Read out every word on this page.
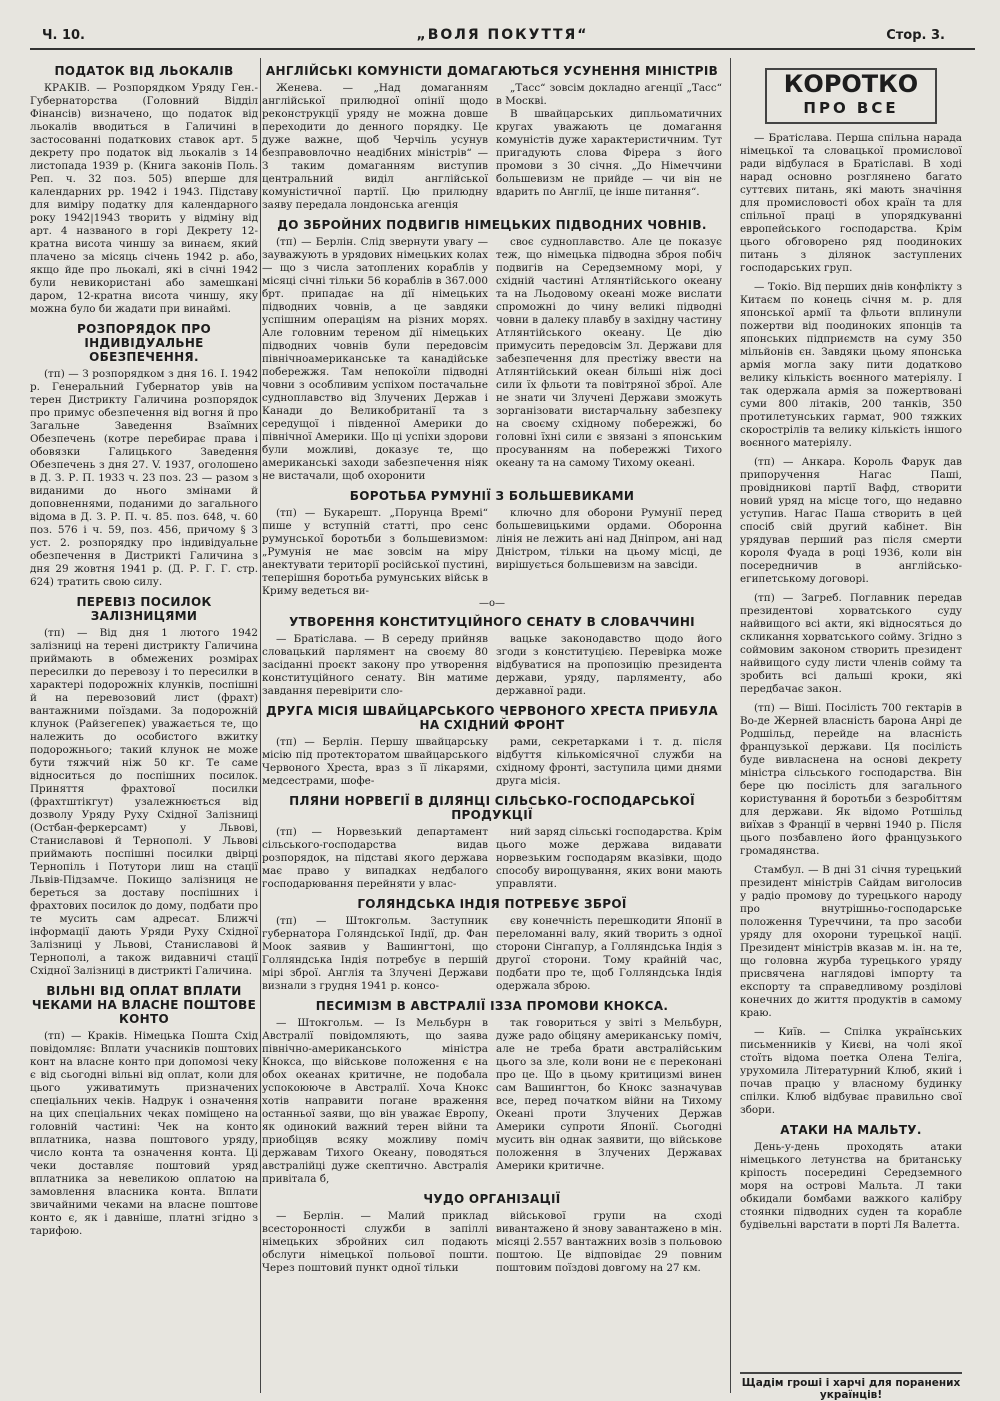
Ч. 10.	„ВОЛЯ ПОКУТТЯ“	Стор. 3.
ПОДАТОК ВІД ЛЬОКАЛІВ

КРАКІВ. — Розпорядком Уряду Ген.-Губернаторства (Головний Відділ Фінансів) визначено, що податок від льокалів вводиться в Галичині в застосованні податкових ставок арт. 5 декрету про податок від льокалів з 14 листопада 1939 р. (Книга законів Поль. Реп. ч. 32 поз. 505) вперше для календарних рр. 1942 і 1943. Підставу для виміру податку для календарного року 1942|1943 творить у відміну від арт. 4 названого в горі Декрету 12-кратна висота чиншу за винаєм, який плачено за місяць січень 1942 р. або, якщо йде про льокалі, які в січні 1942 були невикористані або замешкані даром, 12-кратна висота чиншу, яку можна було би жадати при винаймі.

РОЗПОРЯДОК ПРО ІНДИВІДУАЛЬНЕ ОБЕЗПЕЧЕННЯ.

(тп) — З розпорядком з дня 16. І. 1942 р. Генеральний Губернатор увів на терен Дистрикту Галичина розпорядок про примус обезпечення від вогня й про Загальне Заведення Взаїмних Обезпечень (котре перебирає права і обовязки Галицького Заведення Обезпечень з дня 27. V. 1937, оголошено в Д. З. Р. П. 1933 ч. 23 поз. 23 — разом з виданими до нього змінами й доповненнями, поданими до загального відома в Д. З. Р. П. ч. 85. поз. 648, ч. 60 поз. 576 і ч. 59, поз. 456, причому § 3 уст. 2. розпорядку про індивідуальне обезпечення в Дистрикті Галичина з дня 29 жовтня 1941 р. (Д. Р. Г. Г. стр. 624) тратить свою силу.

ПЕРЕВІЗ ПОСИЛОК ЗАЛІЗНИЦЯМИ

(тп) — Від дня 1 лютого 1942 залізниці на терені дистрикту Галичина приймають в обмежених розмірах пересилки до перевозу і то пересилки в характері подорожніх клунків, поспішні й на перевозовий лист (фрахт) вантажними поїздами. За подорожній клунок (Райзегепек) уважається те, що належить до особистого вжитку подорожнього; такий клунок не може бути тяжчий ніж 50 кг. Те саме відноситься до поспішних посилок. Приняття фрахтової посилки (фрахтштікгут) узалежнюється від дозволу Уряду Руху Східної Залізниці (Остбан-феркерсамт) у Львові, Станиславові й Тернополі. У Львові приймають поспішні посилки двірці Тернопіль і Потутори лиш на стації Львів-Підзамче. Покищо залізниця не береться за доставу поспішних і фрахтових посилок до дому, подбати про те мусить сам адресат. Ближчі інформації дають Уряди Руху Східної Залізниці у Львові, Станиславові й Тернополі, а також видавничі стації Східної Залізниці в дистрикті Галичина.

ВІЛЬНІ ВІД ОПЛАТ ВПЛАТИ ЧЕКАМИ НА ВЛАСНЕ ПОШТОВЕ КОНТО

(тп) — Краків. Німецька Пошта Схід повідомляє: Вплати учасників поштових конт на власне конто при допомозі чеку є від сьогодні вільні від оплат, коли для цього уживатимуть призначених спеціальних чеків. Надрук і означення на цих спеціальних чеках поміщено на головній частині: Чек на конто вплатника, назва поштового уряду, число конта та означення конта. Ці чеки доставляє поштовий уряд вплатника за невеликою оплатою на замовлення власника конта. Вплати звичайними чеками на власне поштове конто є, як і давніше, платні згідно з тарифою.

АНГЛІЙСЬКІ КОМУНІСТИ ДОМАГАЮТЬСЯ УСУНЕННЯ МІНІСТРІВ

Женева. — „Над домаганням англійської прилюдної опінії щодо реконструкції уряду не можна довше переходити до денного порядку. Це дуже важне, щоб Черчіль усунув безправовлочно неадібних міністрів“ — З таким домаганням виступив центральний виділ англійської комуністичної партії. Цю прилюдну заяву передала лондонська агенція

„Тасс“ зовсім докладно агенції „Тасс“ в Москві.

В швайцарських дипльоматичних кругах уважають це домагання комуністів дуже характеристичним. Тут пригадують слова Фірера з його промови з 30 січня. „До Німеччини большевизм не прийде — чи він не вдарить по Англії, це інше питання“.

ДО ЗБРОЙНИХ ПОДВИГІВ НІМЕЦЬКИХ ПІДВОДНИХ ЧОВНІВ.

(тп) — Берлін. Слід звернути увагу — зауважують в урядових німецьких колах — що з числа затоплених кораблів у місяці січні тільки 56 кораблів в 367.000 брт. припадає на дії німецьких підводних човнів, а це завдяки успішним операціям на різних морях. Але головним тереном дії німецьких підводних човнів були передовсім північноамериканське та канадійське побережжя. Там непокоїли підводні човни з особливим успіхом постачальне судноплавство від Злучених Держав і Канади до Великобританії та з середущої і південної Америки до північної Америки. Що ці успіхи здорови були можливі, доказує те, що американські заходи забезпечення ніяк не вистачали, щоб охоронити

своє судноплавство. Але це показує теж, що німецька підводна зброя побіч подвигів на Середземному морі, у східній частині Атлянтійського океану та на Льодовому океані може вислати спроможні до чину великі підводні човни в далеку плавбу в західну частину Атлянтійського океану. Це дію примусить передовсім Зл. Держави для забезпечення для престіжу ввести на Атлянтійський океан більші ніж досі сили їх фльоти та повітряної зброї. Але не знати чи Злучені Держави зможуть зорганізовати вистарчальну забезпеку на своєму східному побережжі, бо головні їхні сили є звязані з японським просуванням на побережжі Тихого океану та на самому Тихому океані.

БОРОТЬБА РУМУНІЇ З БОЛЬШЕВИКАМИ

(тп) — Букарешт. „Порунца Времі“ пише у вступній статті, про сенс румунської боротьби з большевизмом: „Румунія не має зовсім на міру анектувати території російської пустині, теперішня боротьба румунських військ в Криму ведеться ви-

ключно для оборони Румунії перед большевицькими ордами. Оборонна лінія не лежить ані над Дніпром, ані над Дністром, тільки на цьому місці, де вирішується большевизм на завсіди.

—о—
УТВОРЕННЯ КОНСТИТУЦІЙНОГО СЕНАТУ В СЛОВАЧЧИНІ

— Братіслава. — В середу прийняв словацький парлямент на своєму 80 засіданні проєкт закону про утворення конституційного сенату. Він матиме завдання перевірити сло-

вацьке законодавство щодо його згоди з конституцією. Перевірка може відбуватися на пропозицію президента держави, уряду, парляменту, або державної ради.

ДРУГА МІСІЯ ШВАЙЦАРСЬКОГО ЧЕРВОНОГО ХРЕСТА ПРИБУЛА НА СХІДНИЙ ФРОНТ

(тп) — Берлін. Першу швайцарську місію під протекторатом швайцарського Червоного Хреста, враз з її лікарями, медсестрами, шофе-

рами, секретарками і т. д. після відбуття кількомісячної служби на східному фронті, заступила цими днями друга місія.

ПЛЯНИ НОРВЕГІЇ В ДІЛЯНЦІ СІЛЬСЬКО-ГОСПОДАРСЬКОЇ ПРОДУКЦІЇ

(тп) — Норвезький департамент сільського-господарства видав розпорядок, на підставі якого держава має право у випадках недбалого господарювання перейняти у влас-

ний заряд сільські господарства. Крім цього може держава видавати норвезьким господарям вказівки, щодо способу вирощування, яких вони мають управляти.

ГОЛЯНДСЬКА ІНДІЯ ПОТРЕБУЄ ЗБРОЇ

(тп) — Штокгольм. Заступник губернатора Голяндської Індії, др. Фан Моок заявив у Вашингтоні, що Голляндська Індія потребує в першій мірі зброї. Англія та Злучені Держави визнали з грудня 1941 р. консо-

єву конечність перешкодити Японії в переломанні валу, який творить з одної сторони Сінгапур, а Голляндська Індія з другої сторони. Тому крайній час, подбати про те, щоб Голляндська Індія одержала зброю.

ПЕСИМІЗМ В АВСТРАЛІЇ ІЗЗА ПРОМОВИ КНОКСА.

— Штокгольм. — Із Мельбурн в Австралії повідомляють, що заява північно-американського міністра Кнокса, що військове положення є на обох океанах критичне, не подобала успокоююче в Австралії. Хоча Кнокс хотів направити погане враження останньої заяви, що він уважає Европу, як одинокий важний терен війни та приобіцяв всяку можливу поміч державам Тихого Океану, поводяться австралійці дуже скептично. Австралія привітала б,

так говориться у звіті з Мельбурн, дуже радо обіцяну американську поміч, але не треба брати австралійським цього за зле, коли вони не є переконані про це. Що в цьому критицизмі винен сам Вашингтон, бо Кнокс зазначував все, перед початком війни на Тихому Океані проти Злучених Держав Америки супроти Японії. Сьогодні мусить він однак заявити, що військове положення в Злучених Державах Америки критичне.

ЧУДО ОРГАНІЗАЦІЇ

— Берлін. — Малий приклад всесторонності служби в запіллі німецьких збройних сил подають обслуги німецької польової пошти. Через поштовий пункт одної тільки

військової групи на сході вивантажено й знову завантажено в мін. місяці 2.557 вантажних возів з польовою поштою. Це відповідає 29 повним поштовим поїздові довгому на 27 км.

КОРОТКО
ПРО ВСЕ

— Братіслава. Перша спільна нарада німецької та словацької промислової ради відбулася в Братіславі. В ході нарад основно розглянено багато суттєвих питань, які мають значіння для промисловості обох країн та для спільної праці в упорядкуванні европейського господарства. Крім цього обговорено ряд поодиноких питань з ділянок заступлених господарських груп.

— Токіо. Від перших днів конфлікту з Китаєм по конець січня м. р. для японської армії та фльоти вплинули пожертви від поодиноких японців та японських підприємств на суму 350 мільйонів єн. Завдяки цьому японська армія могла заку пити додатково велику кількість воєнного матеріялу. І так одержала армія за пожертвовані суми 800 літаків, 200 танків, 350 протилетунських гармат, 900 тяжких скорострілів та велику кількість іншого воєнного матеріялу.

(тп) — Анкара. Король Фарук дав припоручення Нагас Паші, провідникові партії Вафд, створити новий уряд на місце того, що недавно уступив. Нагас Паша створить в цей спосіб свій другий кабінет. Він урядував перший раз після смерти короля Фуада в році 1936, коли він посередничив в англійсько-египетському договорі.

(тп) — Загреб. Поглавник передав президентові хорватського суду найвищого всі акти, які відносяться до скликання хорватського сойму. Згідно з соймовим законом створить президент найвищого суду листи членів сойму та зробить всі дальші кроки, які передбачає закон.

(тп) — Віші. Посілість 700 гектарів в Во-де Жерней власність барона Анрі де Родшільд, перейде на власність французької держави. Ця посілість буде вивласнена на основі декрету міністра сільського господарства. Він бере цю посілість для загального користування й боротьби з безробіттям для держави. Як відомо Ротшільд виїхав з Франції в червні 1940 р. Після цього позбавлено його французького громадянства.

Стамбул. — В дні 31 січня турецький президент міністрів Сайдам виголосив у радіо промову до турецького народу про внутрішньо-господарське положення Туреччини, та про засоби уряду для охорони турецької нації. Президент міністрів вказав м. ін. на те, що головна журба турецького уряду присвячена наглядові імпорту та експорту та справедливому розділові конечних до життя продуктів в самому краю.

— Київ. — Спілка українських письменників у Києві, на чолі якої стоїть відома поетка Олена Теліга, урухомила Літературний Клюб, який і почав працю у власному будинку спілки. Клюб відбуває правильно свої збори.

АТАКИ НА МАЛЬТУ.

День-у-день проходять атаки німецького летунства на британську кріпость посередині Середземного моря на острові Мальта. Л таки обкидали бомбами важкого калібру стоянки підводних суден та корабле будівельні варстати в порті Ля Валетта.

Щадім гроші і харчі для поранених українців!
